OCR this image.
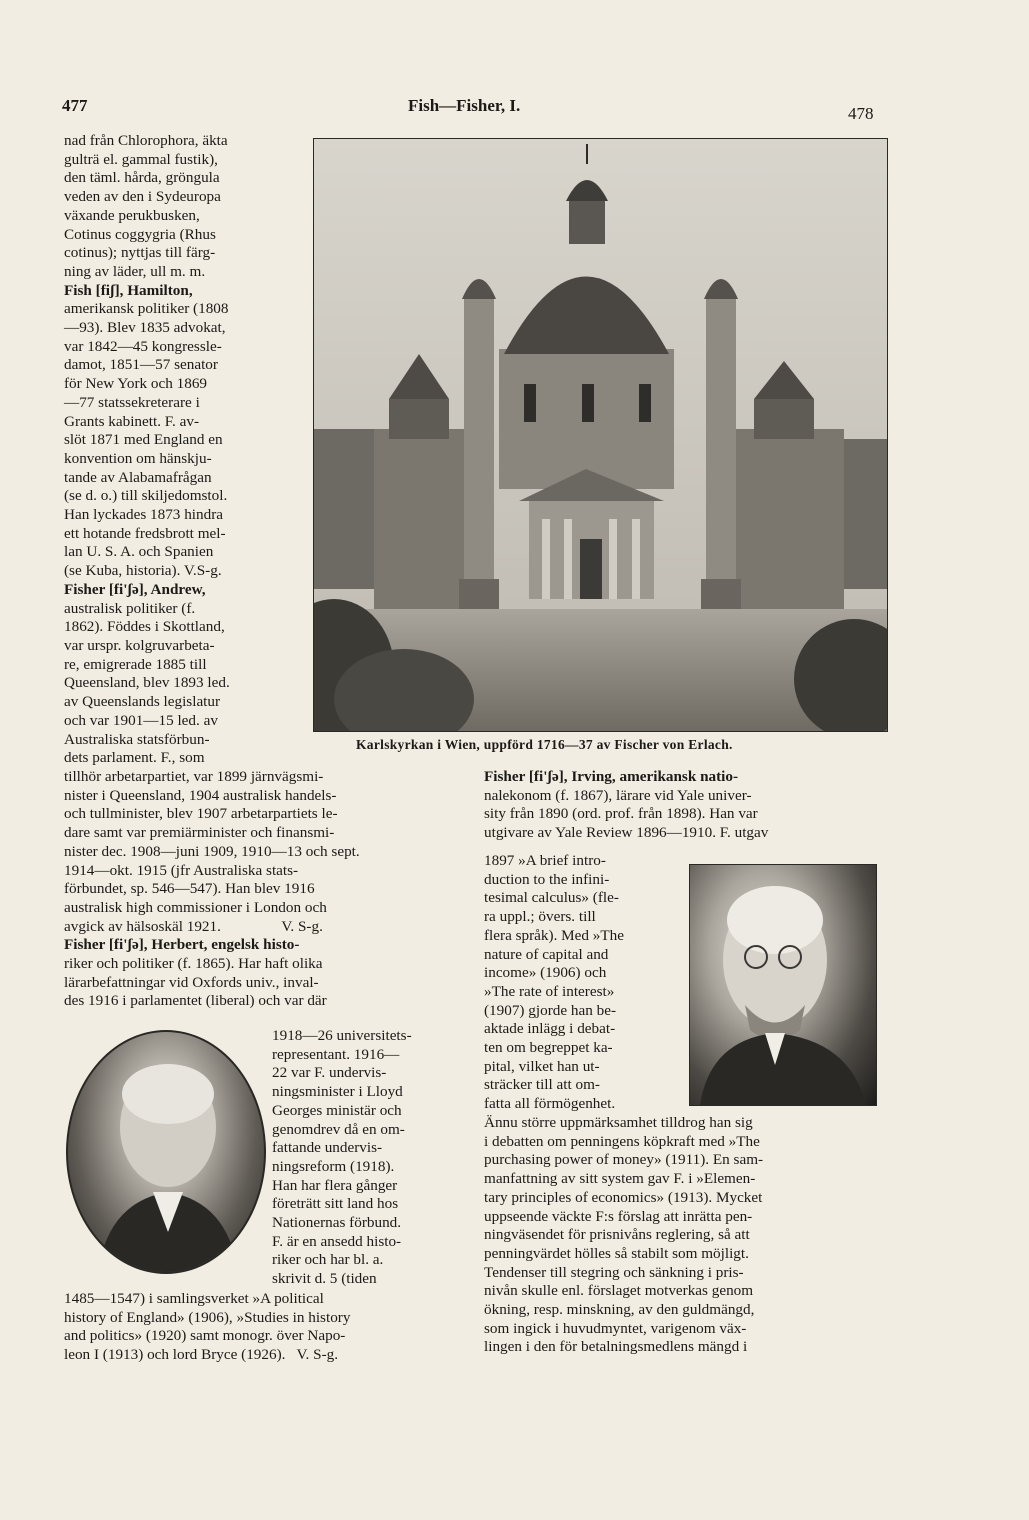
477	Fish—Fisher, I.	478
Karlskyrkan i Wien, uppförd 1716—37 av Fischer von Erlach.

nad från Chlorophora, äkta

gulträ el. gammal fustik),

den täml. hårda, gröngula

veden av den i Sydeuropa

växande perukbusken,

Cotinus coggygria (Rhus

cotinus); nyttjas till färg-

ning av läder, ull m. m.

Fish [fiʃ], Hamilton,

amerikansk politiker (1808

—93). Blev 1835 advokat,

var 1842—45 kongressle-

damot, 1851—57 senator

för New York och 1869

—77 statssekreterare i

Grants kabinett. F. av-

slöt 1871 med England en

konvention om hänskju-

tande av Alabamafrågan

(se d. o.) till skiljedomstol.

Han lyckades 1873 hindra

ett hotande fredsbrott mel-

lan U. S. A. och Spanien

(se Kuba, historia). V.S-g.

Fisher [fi'ʃə], Andrew,

australisk politiker (f.

1862). Föddes i Skottland,

var urspr. kolgruvarbeta-

re, emigrerade 1885 till

Queensland, blev 1893 led.

av Queenslands legislatur

och var 1901—15 led. av

Australiska statsförbun-

dets parlament. F., som

tillhör arbetarpartiet, var 1899 järnvägsmi-

nister i Queensland, 1904 australisk handels-

och tullminister, blev 1907 arbetarpartiets le-

dare samt var premiärminister och finansmi-

nister dec. 1908—juni 1909, 1910—13 och sept.

1914—okt. 1915 (jfr Australiska stats-

förbundet, sp. 546—547). Han blev 1916

australisk high commissioner i London och

avgick av hälsoskäl 1921.                V. S-g.

Fisher [fi'ʃə], Herbert, engelsk histo-

riker och politiker (f. 1865). Har haft olika

lärarbefattningar vid Oxfords univ., inval-

des 1916 i parlamentet (liberal) och var där

1918—26 universitets-

representant. 1916—

22 var F. undervis-

ningsminister i Lloyd

Georges ministär och

genomdrev då en om-

fattande undervis-

ningsreform (1918).

Han har flera gånger

företrätt sitt land hos

Nationernas förbund.

F. är en ansedd histo-

riker och har bl. a.

skrivit d. 5 (tiden

1485—1547) i samlingsverket »A political

history of England» (1906), »Studies in history

and politics» (1920) samt monogr. över Napo-

leon I (1913) och lord Bryce (1926).   V. S-g.

Fisher [fi'ʃə], Irving, amerikansk natio-

nalekonom (f. 1867), lärare vid Yale univer-

sity från 1890 (ord. prof. från 1898). Han var

utgivare av Yale Review 1896—1910. F. utgav

1897 »A brief intro-

duction to the infini-

tesimal calculus» (fle-

ra uppl.; övers. till

flera språk). Med »The

nature of capital and

income» (1906) och

»The rate of interest»

(1907) gjorde han be-

aktade inlägg i debat-

ten om begreppet ka-

pital, vilket han ut-

sträcker till att om-

fatta all förmögenhet.

Ännu större uppmärksamhet tilldrog han sig

i debatten om penningens köpkraft med »The

purchasing power of money» (1911). En sam-

manfattning av sitt system gav F. i »Elemen-

tary principles of economics» (1913). Mycket

uppseende väckte F:s förslag att inrätta pen-

ningväsendet för prisnivåns reglering, så att

penningvärdet hölles så stabilt som möjligt.

Tendenser till stegring och sänkning i pris-

nivån skulle enl. förslaget motverkas genom

ökning, resp. minskning, av den guldmängd,

som ingick i huvudmyntet, varigenom väx-

lingen i den för betalningsmedlens mängd i
